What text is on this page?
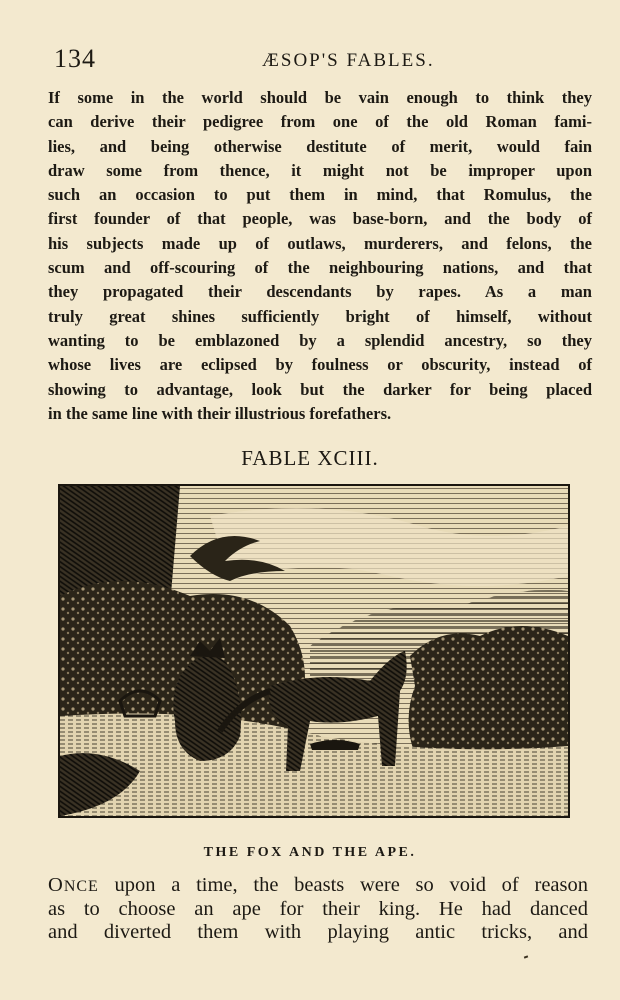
134	ÆSOP'S FABLES.
If some in the world should be vain enough to think they
can derive their pedigree from one of the old Roman fami-
lies, and being otherwise destitute of merit, would fain
draw some from thence, it might not be improper upon
such an occasion to put them in mind, that Romulus, the
first founder of that people, was base-born, and the body of
his subjects made up of outlaws, murderers, and felons, the
scum and off-scouring of the neighbouring nations, and that
they propagated their descendants by rapes. As a man
truly great shines sufficiently bright of himself, without
wanting to be emblazoned by a splendid ancestry, so they
whose lives are eclipsed by foulness or obscurity, instead of
showing to advantage, look but the darker for being placed
in the same line with their illustrious forefathers.
FABLE XCIII.
THE FOX AND THE APE.
ONCE upon a time, the beasts were so void of reason
as to choose an ape for their king. He had danced
and diverted them with playing antic tricks, and
